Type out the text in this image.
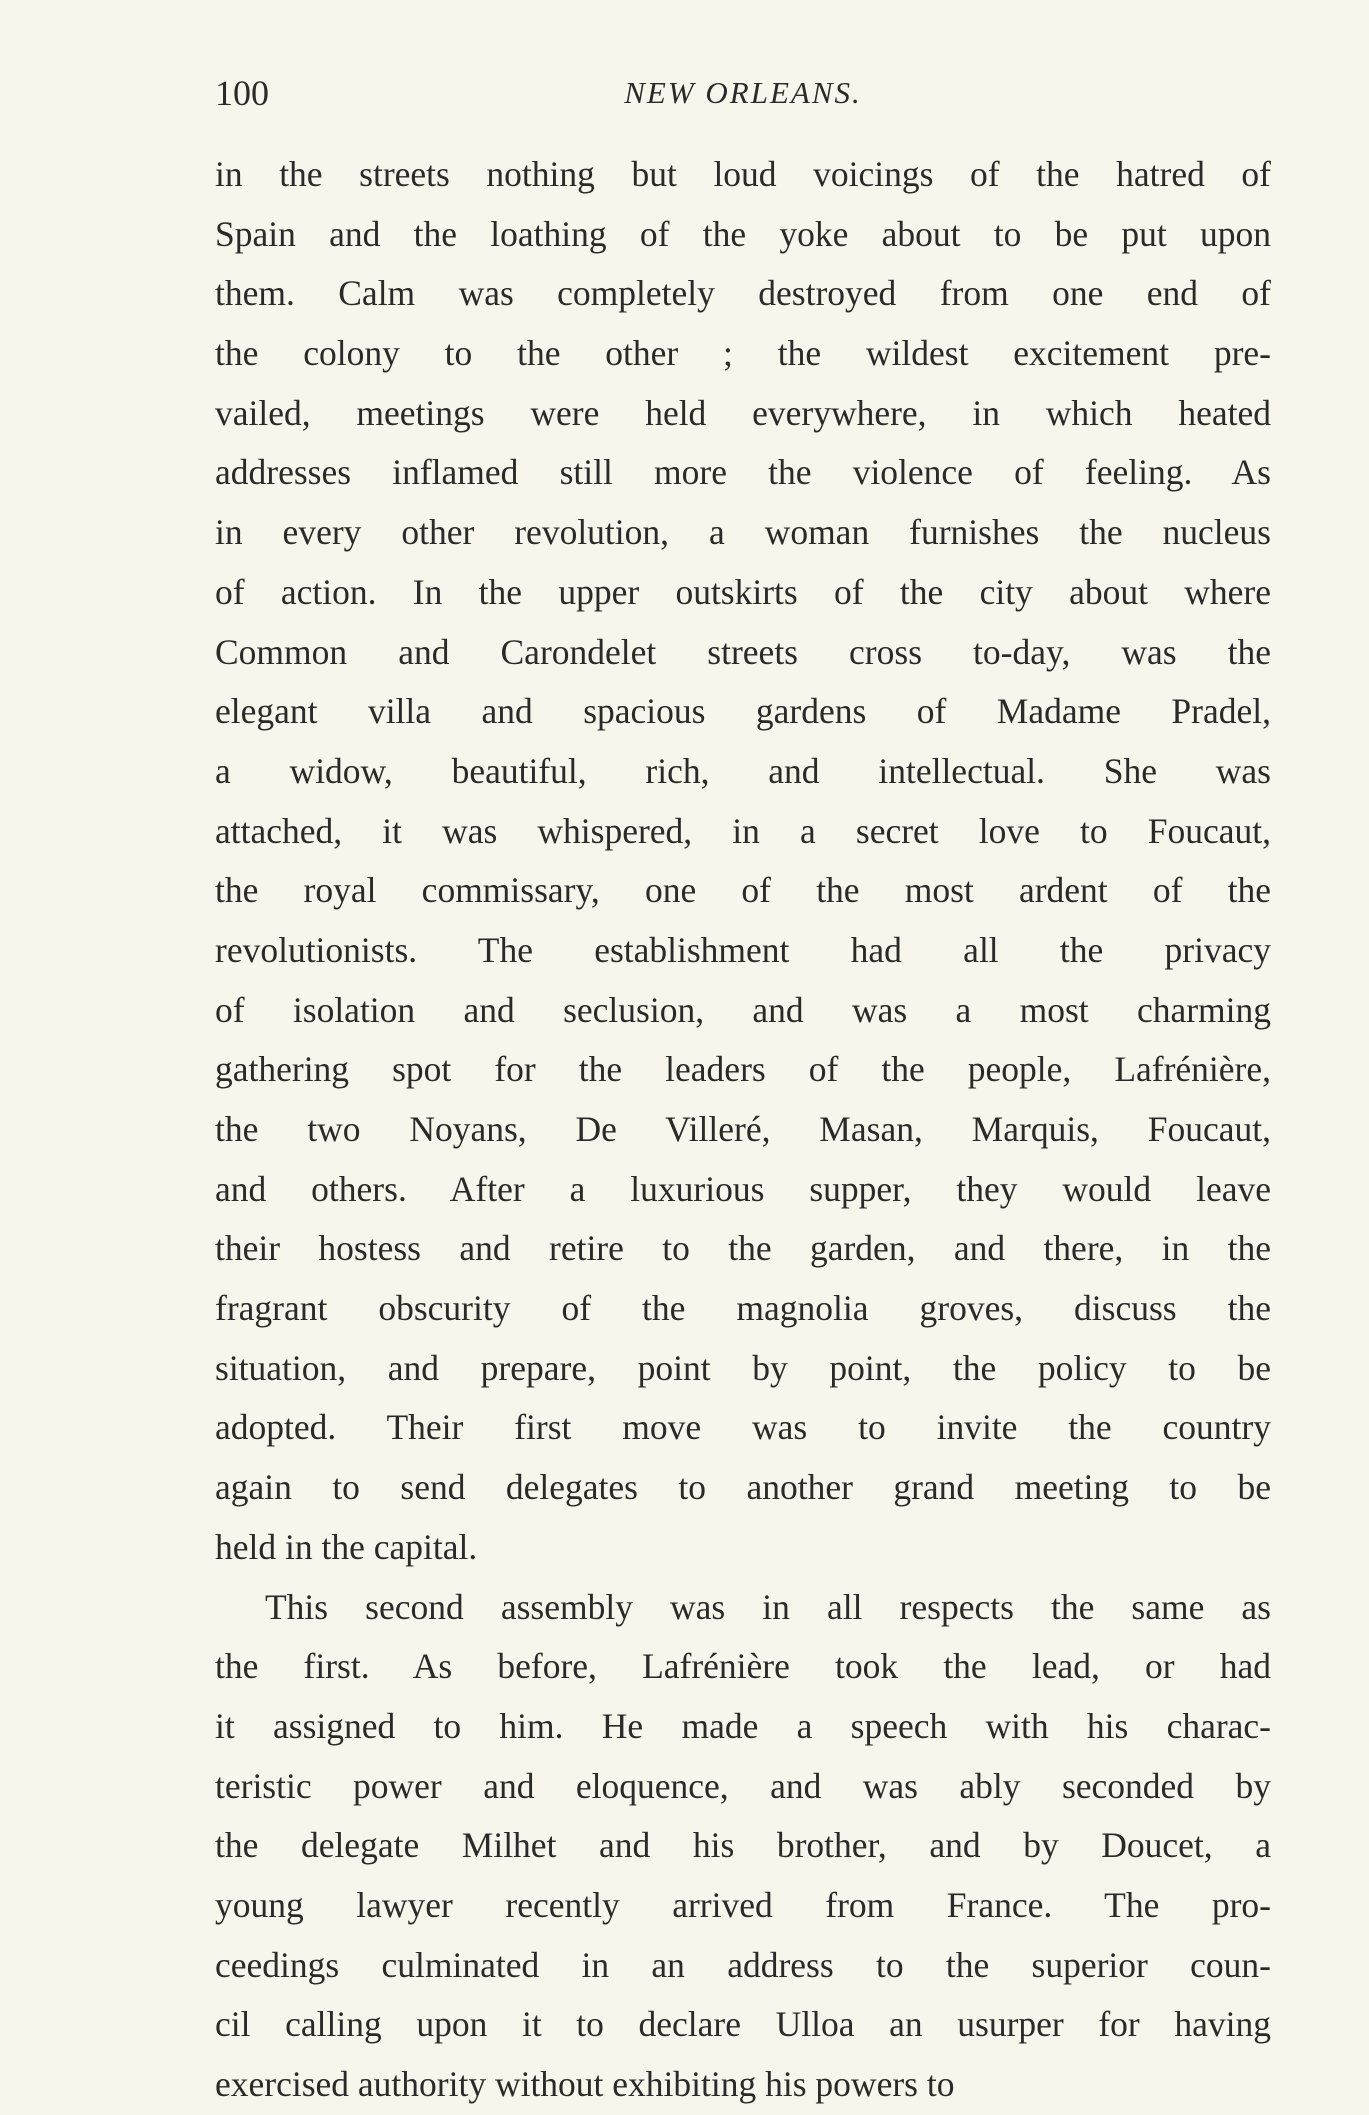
100	NEW ORLEANS.
in the streets nothing but loud voicings of the hatred of
Spain and the loathing of the yoke about to be put upon
them. Calm was completely destroyed from one end of
the colony to the other ; the wildest excitement pre-
vailed, meetings were held everywhere, in which heated
addresses inflamed still more the violence of feeling. As
in every other revolution, a woman furnishes the nucleus
of action. In the upper outskirts of the city about where
Common and Carondelet streets cross to-day, was the
elegant villa and spacious gardens of Madame Pradel,
a widow, beautiful, rich, and intellectual. She was
attached, it was whispered, in a secret love to Foucaut,
the royal commissary, one of the most ardent of the
revolutionists. The establishment had all the privacy
of isolation and seclusion, and was a most charming
gathering spot for the leaders of the people, Lafrénière,
the two Noyans, De Villeré, Masan, Marquis, Foucaut,
and others. After a luxurious supper, they would leave
their hostess and retire to the garden, and there, in the
fragrant obscurity of the magnolia groves, discuss the
situation, and prepare, point by point, the policy to be
adopted. Their first move was to invite the country
again to send delegates to another grand meeting to be
held in the capital.
This second assembly was in all respects the same as
the first. As before, Lafrénière took the lead, or had
it assigned to him. He made a speech with his charac-
teristic power and eloquence, and was ably seconded by
the delegate Milhet and his brother, and by Doucet, a
young lawyer recently arrived from France. The pro-
ceedings culminated in an address to the superior coun-
cil calling upon it to declare Ulloa an usurper for having
exercised authority without exhibiting his powers to
